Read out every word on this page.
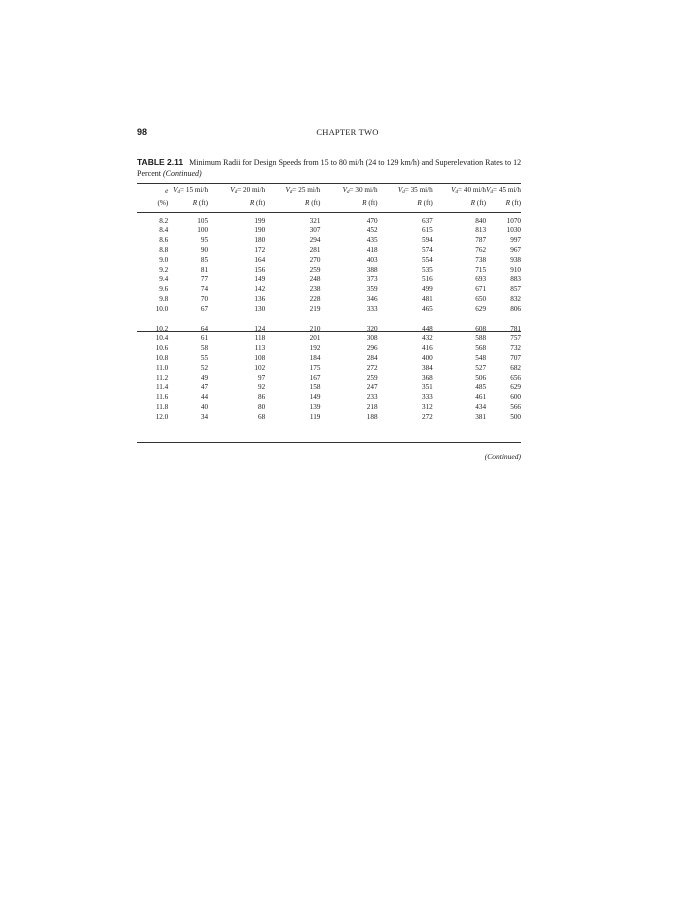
98	CHAPTER TWO
TABLE 2.11 Minimum Radii for Design Speeds from 15 to 80 mi/h (24 to 129 km/h) and Superelevation Rates to 12 Percent (Continued)
e	$V_d= 15$ mi/h	$V_d= 20$ mi/h	$V_d= 25$ mi/h	$V_d= 30$ mi/h	$V_d= 35$ mi/h	$V_d= 40$ mi/h	$V_d= 45$ mi/h
(%)	R (ft)	R (ft)	R (ft)	R (ft)	R (ft)	R (ft)	R (ft)

8.2	105	199	321	470	637	840	1070
8.4	100	190	307	452	615	813	1030
8.6	95	180	294	435	594	787	997
8.8	90	172	281	418	574	762	967
9.0	85	164	270	403	554	738	938
9.2	81	156	259	388	535	715	910
9.4	77	149	248	373	516	693	883
9.6	74	142	238	359	499	671	857
9.8	70	136	228	346	481	650	832
10.0	67	130	219	333	465	629	806

10.2	64	124	210	320	448	608	781
10.4	61	118	201	308	432	588	757
10.6	58	113	192	296	416	568	732
10.8	55	108	184	284	400	548	707
11.0	52	102	175	272	384	527	682
11.2	49	97	167	259	368	506	656
11.4	47	92	158	247	351	485	629
11.6	44	86	149	233	333	461	600
11.8	40	80	139	218	312	434	566
12.0	34	68	119	188	272	381	500
(Continued)
